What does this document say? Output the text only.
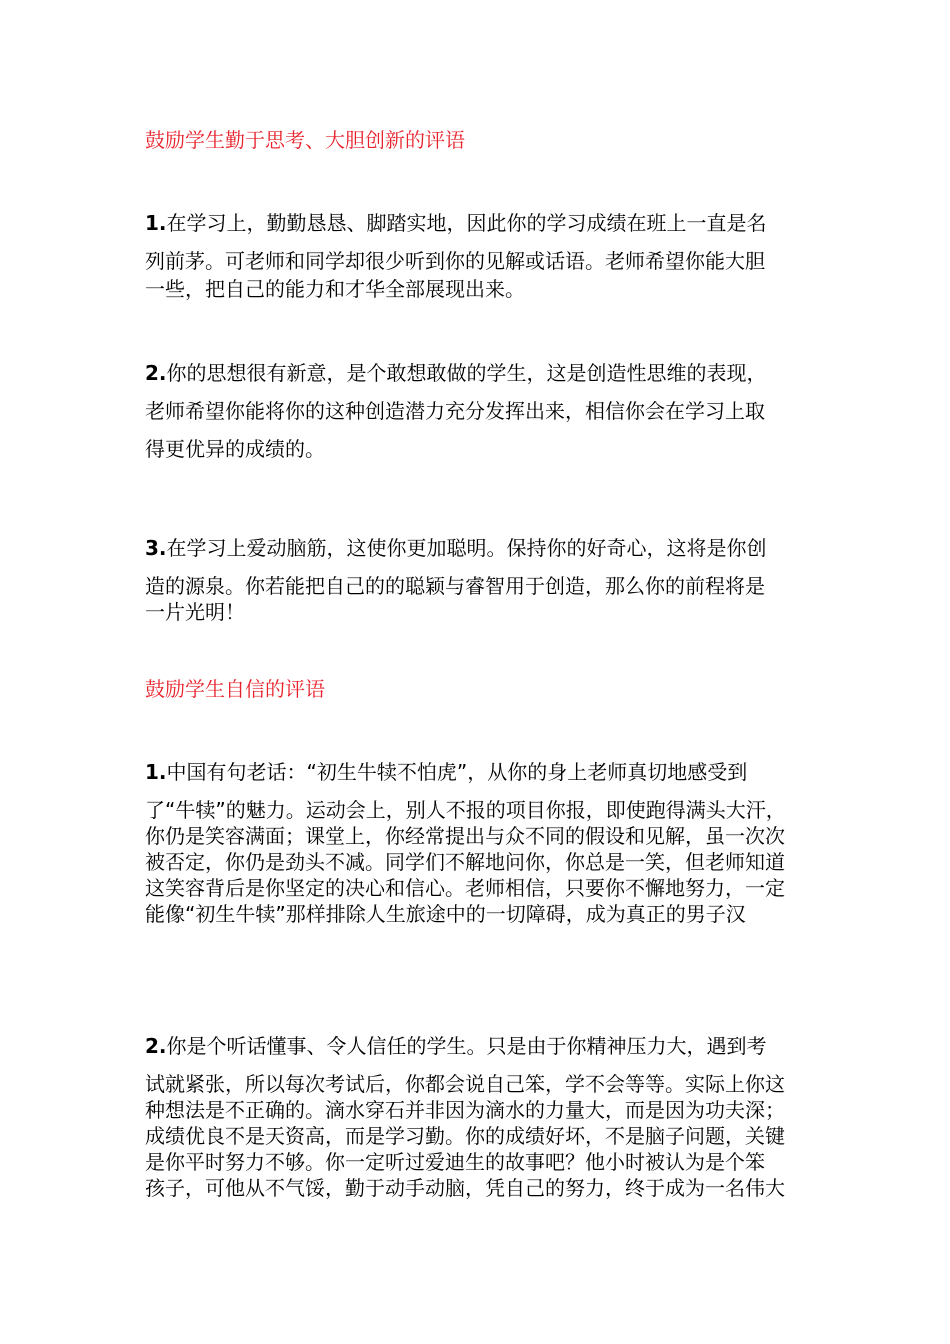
鼓励学生勤于思考、大胆创新的评语
1.在学习上，勤勤恳恳、脚踏实地，因此你的学习成绩在班上一直是名
列前茅。可老师和同学却很少听到你的见解或话语。老师希望你能大胆
一些，把自己的能力和才华全部展现出来。
2.你的思想很有新意，是个敢想敢做的学生，这是创造性思维的表现，
老师希望你能将你的这种创造潜力充分发挥出来，相信你会在学习上取
得更优异的成绩的。
3.在学习上爱动脑筋，这使你更加聪明。保持你的好奇心，这将是你创
造的源泉。你若能把自己的的聪颖与睿智用于创造，那么你的前程将是
一片光明！
鼓励学生自信的评语
1.中国有句老话：“初生牛犊不怕虎”，从你的身上老师真切地感受到
了“牛犊”的魅力。运动会上，别人不报的项目你报，即使跑得满头大汗，
你仍是笑容满面；课堂上，你经常提出与众不同的假设和见解，虽一次次
被否定，你仍是劲头不减。同学们不解地问你，你总是一笑，但老师知道
这笑容背后是你坚定的决心和信心。老师相信，只要你不懈地努力，一定
能像“初生牛犊”那样排除人生旅途中的一切障碍，成为真正的男子汉
2.你是个听话懂事、令人信任的学生。只是由于你精神压力大，遇到考
试就紧张，所以每次考试后，你都会说自己笨，学不会等等。实际上你这
种想法是不正确的。滴水穿石并非因为滴水的力量大，而是因为功夫深；
成绩优良不是天资高，而是学习勤。你的成绩好坏，不是脑子问题，关键
是你平时努力不够。你一定听过爱迪生的故事吧？他小时被认为是个笨
孩子，可他从不气馁，勤于动手动脑，凭自己的努力，终于成为一名伟大
